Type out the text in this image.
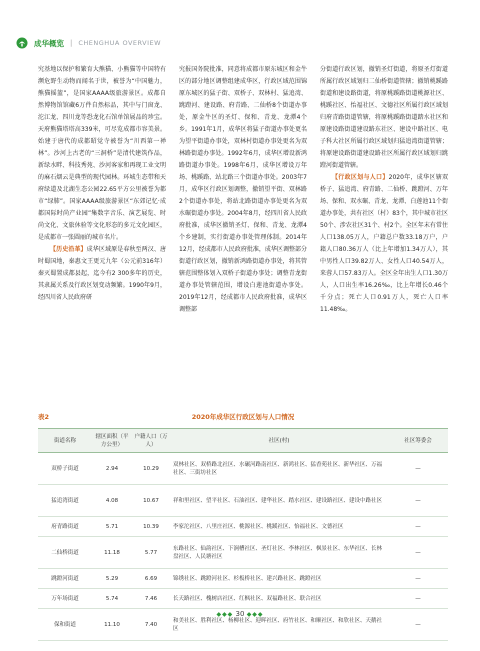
成华概览 | CHENGHUA OVERVIEW

究基地以保护和繁育大熊猫、小熊猫等中国特有濒危野生动物而闻名于世，被誉为“中国魅力，熊猫摇篮”，是国家AAAA级旅游景区。成都自然博物馆馆藏6万件自然标品，其中与门窗龙、沱江龙、四川龙等恐龙化石馆单馆展品的珍宝。天府熊猫塔塔高339米，可尽览成都市容美景。始建于唐代的成都昭觉寺被誉为“川西第一禅林”。沙河上古老的“三洞桥”是清代建筑作品，新绿水畔、科技秀苑、沙河客家和再现工业文明的麻石烟云是典型的现代园林。环城生态带和天府绿道及北湖生态公园22.65平方公里被誉为都市“绿肺”。国家AAAA级旅游景区“东郊记忆·成都国际时尚产业园”集数字音乐、演艺展览、时尚文化、文旅休验等文化形态的多元文化园区，是成都市一张圆丽的城市名片。

【历史沿革】成华区域原是春秋至两汉、唐时蜀国地，秦惠文王更元九年（公元前316年）秦灭蜀置成都县起，迄今有2 300多年的历史，其隶属关系及行政区划变动频繁。1990年9月，经四川省人民政府研

究报国务院批准，同意将成都市原东城区和金牛区的部分地区调整组建成华区，行政区域范围锦原东城区的猛子街、双桥子、双林村、猛追湾、跳蹬河、建设路、府青路、二仙桥8个街道办事处，原金牛区的圣灯、保和、青龙、龙潭4个乡。1991年1月，成华区将猛子街道办事处更名为望平街道办事处，双林村街道办事处更名为双林路街道办事处。1992年6月，成华区增设新鸿路街道办事处。1998年6月，成华区增设万年场、桃蹊路、站北路三个街道办事处。2003年7月，成华区行政区划调整，撤销望平街、双林路2个街道办事处，将站北路街道办事处更名为双水碾街道办事处。2004年8月，经四川省人民政府批准，成华区撤销圣灯、保和、青龙、龙潭4个乡建制，实行街道办事处管理体制。2014年12月，经成都市人民政府批准，成华区调整部分街道行政区划，撤销新鸿路街道办事处，将其管辖范围整体划入双桥子街道办事处；调整青龙街道办事处管辖范围，增设白莲池街道办事处。2019年12月，经成都市人民政府批准，成华区调整部

分街道行政区划，撤销圣灯街道，将原圣灯街道所属行政区域划归二仙桥街道管辖；撤销桃蹊路街道和建设路街道，将原桃蹊路街道桃源社区、桃蹊社区、怡福社区、文德社区所属行政区域划归府青路街道管辖，将原桃蹊路街道踏水社区和原建设路街道建设路东社区、建设中路社区、电子科大社区所属行政区域划归猛追湾街道管辖；将原建设路街道建设路社区所属行政区域划归跳蹬河街道管辖。

【行政区划与人口】2020年，成华区辖双桥子、猛追湾、府青路、二仙桥、跳蹬河、万年场、保和、双水碾、青龙、龙潭、白莲池11个街道办事处，共有社区（村）83个，其中城市社区50个、涉农社区31个、村2个。全区年末有常住人口138.05万人，户籍总户数33.18万户，户籍人口80.36万人（比上年增加1.34万人），其中男性人口39.82万人、女性人口40.54万人，来蓉人口57.83万人。全区全年出生人口1.30万人，人口出生率16.26‰，比上年增长0.46个千分点；死亡人口0.91万人，死亡人口率11.48‰。

表2	2020年成华区行政区划与人口情况
街道名称	辖区面积（平方公里）	户籍人口（万人）	社区(村)	社区筹委会
双桥子街道	2.94	10.29	双林社区、双桥路北社区、水碾河路南社区、新鸿社区、猛香苑社区、新华社区、万福社区、三街坊社区	—
猛追湾街道	4.08	10.67	祥和里社区、望平社区、石油社区、建华社区、踏水社区、建设路社区、建设中路社区	—
府青路街道	5.71	10.39	李家沱社区、八里庄社区、桃源社区、桃蹊社区、怡福社区、文德社区	—
二仙桥街道	11.18	5.77	东路社区、仙韵社区、下涧槽社区、圣灯社区、李林社区、枫景社区、东华社区、长林盘社区、人民塘社区	—
跳蹬河街道	5.29	6.69	锦绣社区、跳蹬河社区、杉板桥社区、建兴路社区、跳蹬社区	—
万年场街道	5.74	7.46	长天路社区、槐树店社区、红枫社区、双福路社区、联合社区	—
保和街道	11.10	7.40	和美社区、胜利社区、杨柳社区、迎晖社区、府竹社区、和顺社区、和欣社区、天鹅社区	—
◆◆◆ 30 ◆◆◆
